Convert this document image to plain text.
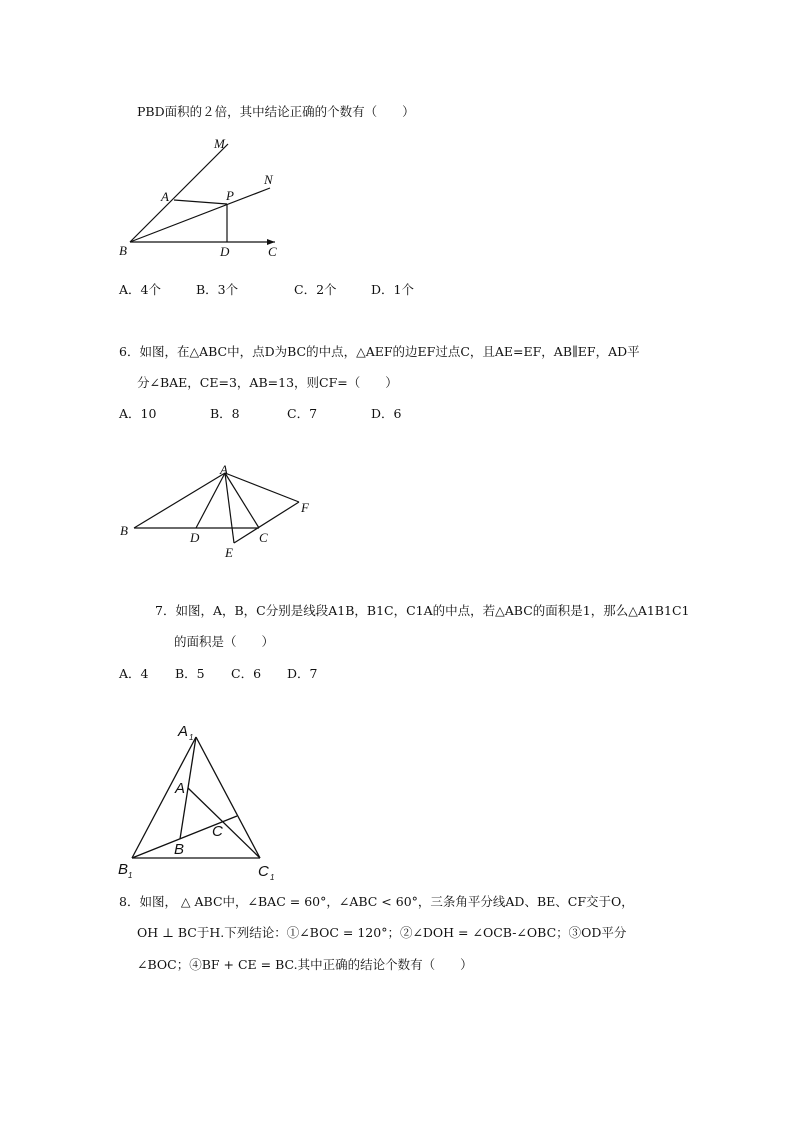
PBD面积的２倍，其中结论正确的个数有（　　）
M
N
A	P
B	D	C
A．4个	B．3个	C．2个	D．1个
6．如图，在△ABC中，点D为BC的中点，△AEF的边EF过点C，且AE=EF，AB∥EF，AD平
分∠BAE，CE=3，AB=13，则CF=（　　）
A．10	B．8	C．7	D．6
A
B	D	C
E
F
7．如图，A，B，C分别是线段A1B，B1C，C1A的中点，若△ABC的面积是1，那么△A1B1C1
的面积是（　　）
A．4 B．5 C．6 D．7
A 1
A
C
B
B 1	C 1
8．如图， △ ABC中，∠BAC = 60°，∠ABC < 60°，三条角平分线AD、BE、CF交于O，
OH ⊥ BC于H.下列结论：①∠BOC = 120°；②∠DOH = ∠OCB-∠OBC；③OD平分
∠BOC；④BF + CE = BC.其中正确的结论个数有（　　）
